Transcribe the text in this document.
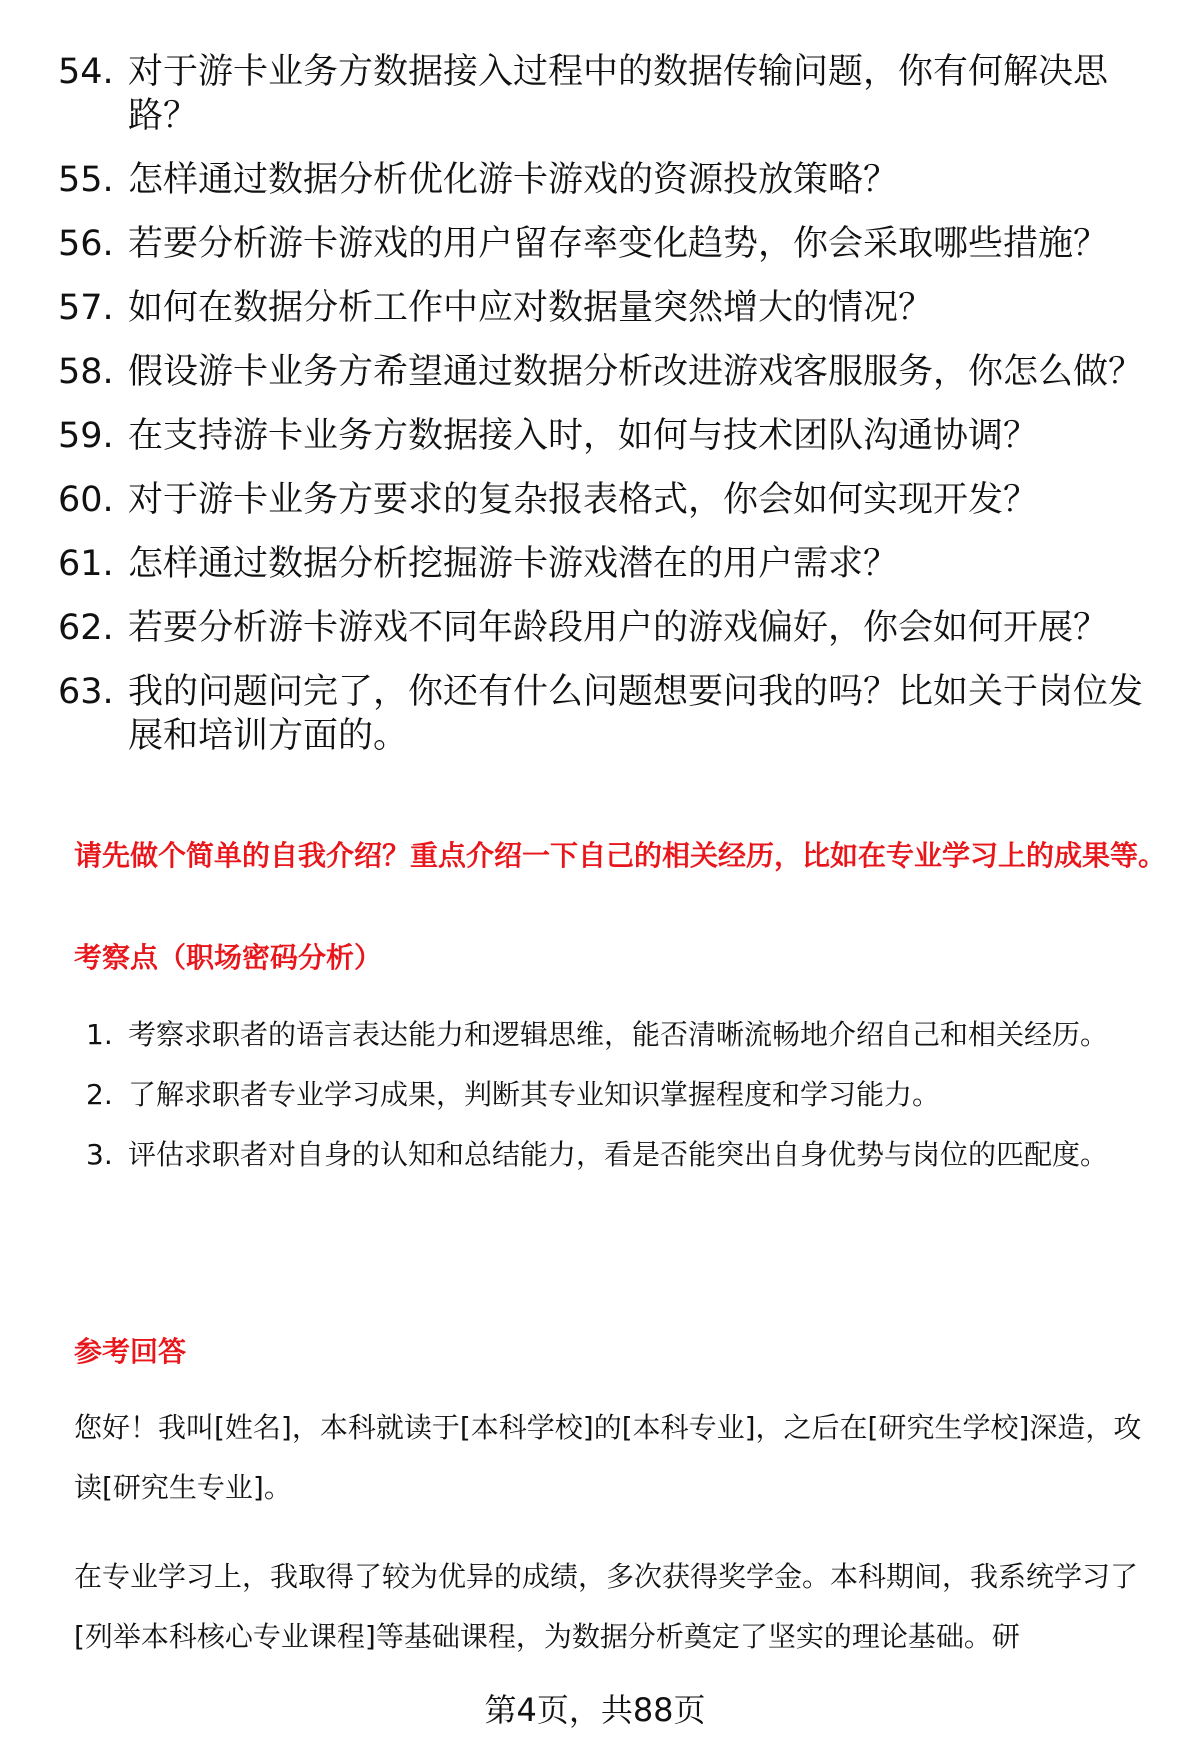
54. 对于游卡业务方数据接入过程中的数据传输问题，你有何解决思路？
55. 怎样通过数据分析优化游卡游戏的资源投放策略？
56. 若要分析游卡游戏的用户留存率变化趋势，你会采取哪些措施？
57. 如何在数据分析工作中应对数据量突然增大的情况？
58. 假设游卡业务方希望通过数据分析改进游戏客服服务，你怎么做？
59. 在支持游卡业务方数据接入时，如何与技术团队沟通协调？
60. 对于游卡业务方要求的复杂报表格式，你会如何实现开发？
61. 怎样通过数据分析挖掘游卡游戏潜在的用户需求？
62. 若要分析游卡游戏不同年龄段用户的游戏偏好，你会如何开展？
63. 我的问题问完了，你还有什么问题想要问我的吗？比如关于岗位发展和培训方面的。
请先做个简单的自我介绍？重点介绍一下自己的相关经历，比如在专业学习上的成果等。
考察点（职场密码分析）
1. 考察求职者的语言表达能力和逻辑思维，能否清晰流畅地介绍自己和相关经历。
2. 了解求职者专业学习成果，判断其专业知识掌握程度和学习能力。
3. 评估求职者对自身的认知和总结能力，看是否能突出自身优势与岗位的匹配度。
参考回答

您好！我叫[姓名]，本科就读于[本科学校]的[本科专业]，之后在[研究生学校]深造，攻读[研究生专业]。

在专业学习上，我取得了较为优异的成绩，多次获得奖学金。本科期间，我系统学习了[列举本科核心专业课程]等基础课程，为数据分析奠定了坚实的理论基础。研

第4页，共88页
